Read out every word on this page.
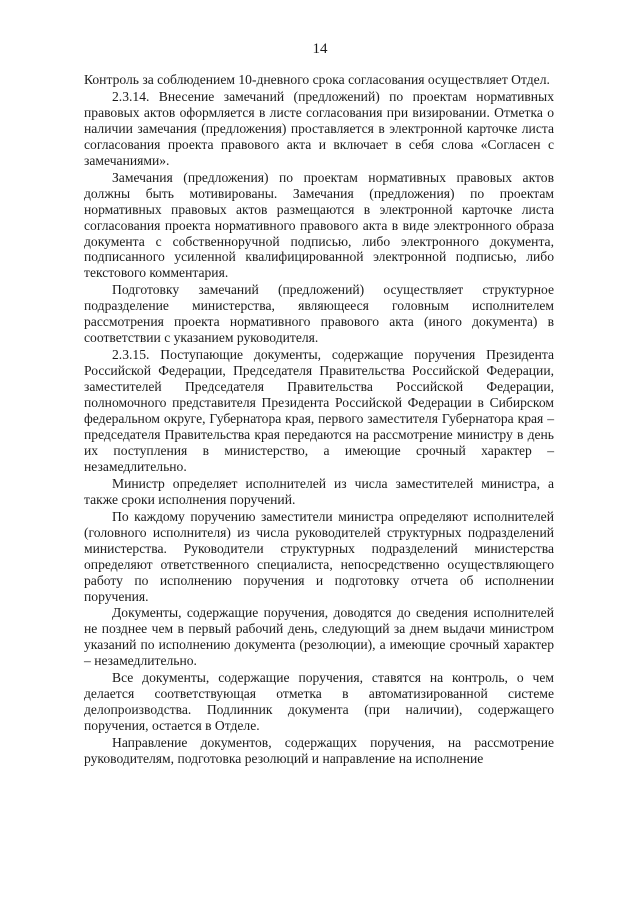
14

Контроль за соблюдением 10-дневного срока согласования осуществляет Отдел.

2.3.14. Внесение замечаний (предложений) по проектам нормативных правовых актов оформляется в листе согласования при визировании. Отметка о наличии замечания (предложения) проставляется в электронной карточке листа согласования проекта правового акта и включает в себя слова «Согласен с замечаниями».

Замечания (предложения) по проектам нормативных правовых актов должны быть мотивированы. Замечания (предложения) по проектам нормативных правовых актов размещаются в электронной карточке листа согласования проекта нормативного правового акта в виде электронного образа документа с собственноручной подписью, либо электронного документа, подписанного усиленной квалифицированной электронной подписью, либо текстового комментария.

Подготовку замечаний (предложений) осуществляет структурное подразделение министерства, являющееся головным исполнителем рассмотрения проекта нормативного правового акта (иного документа) в соответствии с указанием руководителя.

2.3.15. Поступающие документы, содержащие поручения Президента Российской Федерации, Председателя Правительства Российской Федерации, заместителей Председателя Правительства Российской Федерации, полномочного представителя Президента Российской Федерации в Сибирском федеральном округе, Губернатора края, первого заместителя Губернатора края – председателя Правительства края передаются на рассмотрение министру в день их поступления в министерство, а имеющие срочный характер – незамедлительно.

Министр определяет исполнителей из числа заместителей министра, а также сроки исполнения поручений.

По каждому поручению заместители министра определяют исполнителей (головного исполнителя) из числа руководителей структурных подразделений министерства. Руководители структурных подразделений министерства определяют ответственного специалиста, непосредственно осуществляющего работу по исполнению поручения и подготовку отчета об исполнении поручения.

Документы, содержащие поручения, доводятся до сведения исполнителей не позднее чем в первый рабочий день, следующий за днем выдачи министром указаний по исполнению документа (резолюции), а имеющие срочный характер – незамедлительно.

Все документы, содержащие поручения, ставятся на контроль, о чем делается соответствующая отметка в автоматизированной системе делопроизводства. Подлинник документа (при наличии), содержащего поручения, остается в Отделе.

Направление документов, содержащих поручения, на рассмотрение руководителям, подготовка резолюций и направление на исполнение
